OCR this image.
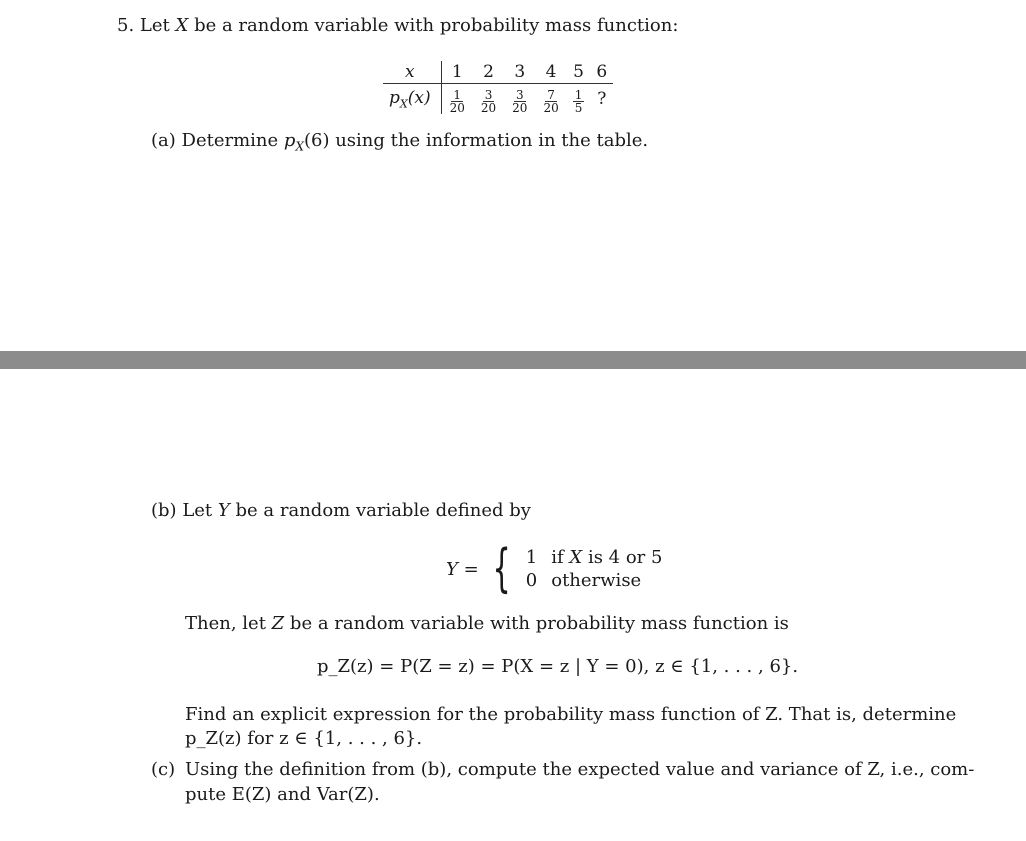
5. Let X be a random variable with probability mass function:
x	1	2	3	4	5	6
$p_X(x)$	$\frac{1}{20}$	$\frac{3}{20}$	$\frac{3}{20}$	$\frac{7}{20}$	$\frac{1}{5}$	?
(a) Determine $p_X(6)$ using the information in the table.
(b) Let Y be a random variable defined by
Y = { 1 if X is 4 or 5
0 otherwise
Then, let Z be a random variable with probability mass function is
p_Z(z) = P(Z = z) = P(X = z | Y = 0), z ∈ {1, . . . , 6}.
Find an explicit expression for the probability mass function of Z. That is, determine
p_Z(z) for z ∈ {1, . . . , 6}.
(c) Using the definition from (b), compute the expected value and variance of Z, i.e., com-
pute E(Z) and Var(Z).
